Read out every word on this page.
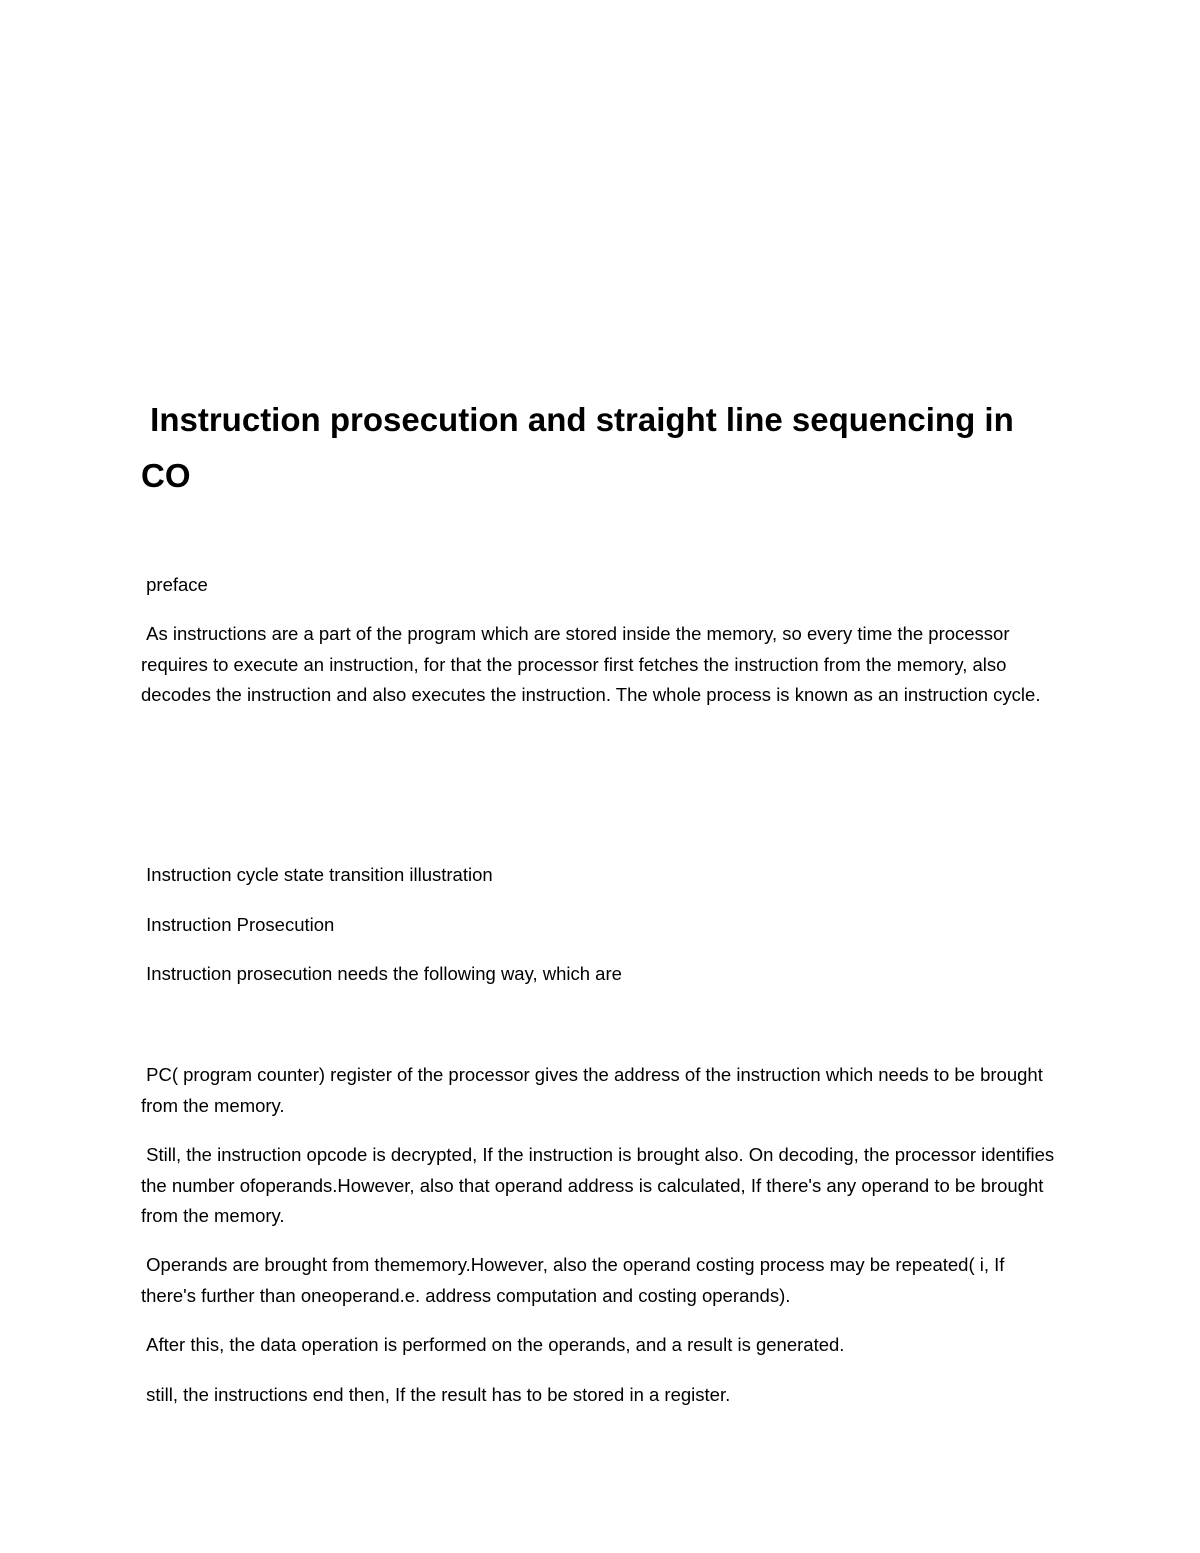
Instruction prosecution and straight line sequencing in CO

preface

As instructions are a part of the program which are stored inside the memory, so every time the processor requires to execute an instruction, for that the processor first fetches the instruction from the memory, also decodes the instruction and also executes the instruction. The whole process is known as an instruction cycle.

Instruction cycle state transition illustration

Instruction Prosecution

Instruction prosecution needs the following way, which are

PC( program counter) register of the processor gives the address of the instruction which needs to be brought from the memory.

Still, the instruction opcode is decrypted, If the instruction is brought also. On decoding, the processor identifies the number ofoperands.However, also that operand address is calculated, If there's any operand to be brought from the memory.

Operands are brought from thememory.However, also the operand costing process may be repeated( i, If there's further than oneoperand.e. address computation and costing operands).

After this, the data operation is performed on the operands, and a result is generated.

still, the instructions end then, If the result has to be stored in a register.
